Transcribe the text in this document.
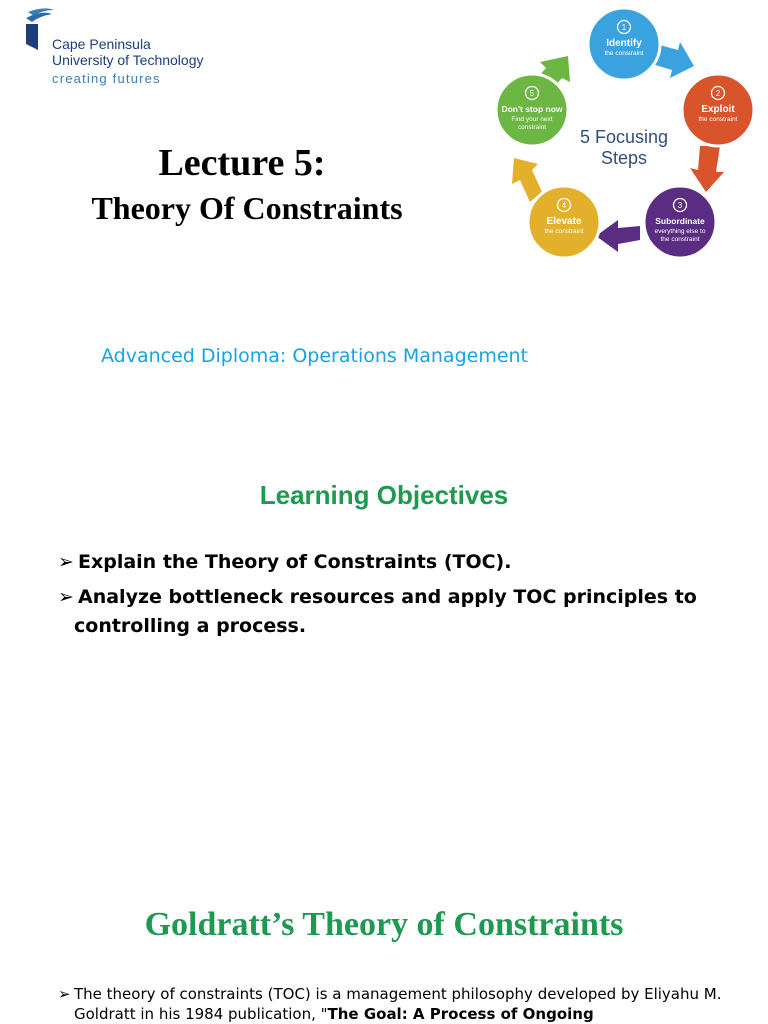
Cape Peninsula
University of Technology
creating futures
Lecture 5:
Theory Of Constraints
1
Identify
the constraint
2
Exploit
the constraint
3
Subordinate
everything else to
the constraint
4
Elevate
the constraint
5
Don't stop now
Find your next
constraint 5 Focusing
Steps
Advanced Diploma: Operations Management
Learning Objectives
➢ Explain the Theory of Constraints (TOC).
➢ Analyze bottleneck resources and apply TOC principles to controlling a process.
Goldratt’s Theory of Constraints
➢ The theory of constraints (TOC) is a management philosophy developed by Eliyahu M. Goldratt in his 1984 publication, "The Goal: A Process of Ongoing
